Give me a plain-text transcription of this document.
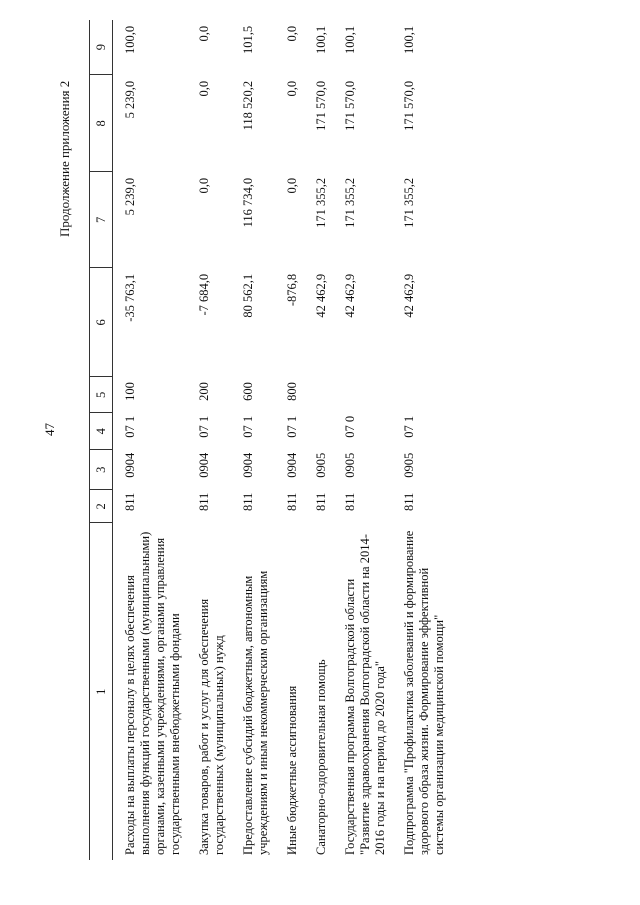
47
Продолжение приложения 2
1	2	3	4	5	6	7	8	9
Расходы на выплаты персоналу в целях обеспечения выполнения функций государственными (муниципальными) органами, казенными учреждениями, органами управления государственными внебюджетными фондами	811	0904	07 1	100	-35 763,1	5 239,0	5 239,0	100,0
Закупка товаров, работ и услуг для обеспечения государственных (муниципальных) нужд	811	0904	07 1	200	-7 684,0	0,0	0,0	0,0
Предоставление субсидий бюджетным, автономным учреждениям и иным некоммерческим организациям	811	0904	07 1	600	80 562,1	116 734,0	118 520,2	101,5
Иные бюджетные ассигнования	811	0904	07 1	800	-876,8	0,0	0,0	0,0
Санаторно-оздоровительная помощь	811	0905			42 462,9	171 355,2	171 570,0	100,1
Государственная программа Волгоградской области "Развитие здравоохранения Волгоградской области на 2014-2016 годы и на период до 2020 года"	811	0905	07 0		42 462,9	171 355,2	171 570,0	100,1
Подпрограмма "Профилактика заболеваний и формирование здорового образа жизни. Формирование эффективной системы организации медицинской помощи"	811	0905	07 1		42 462,9	171 355,2	171 570,0	100,1
